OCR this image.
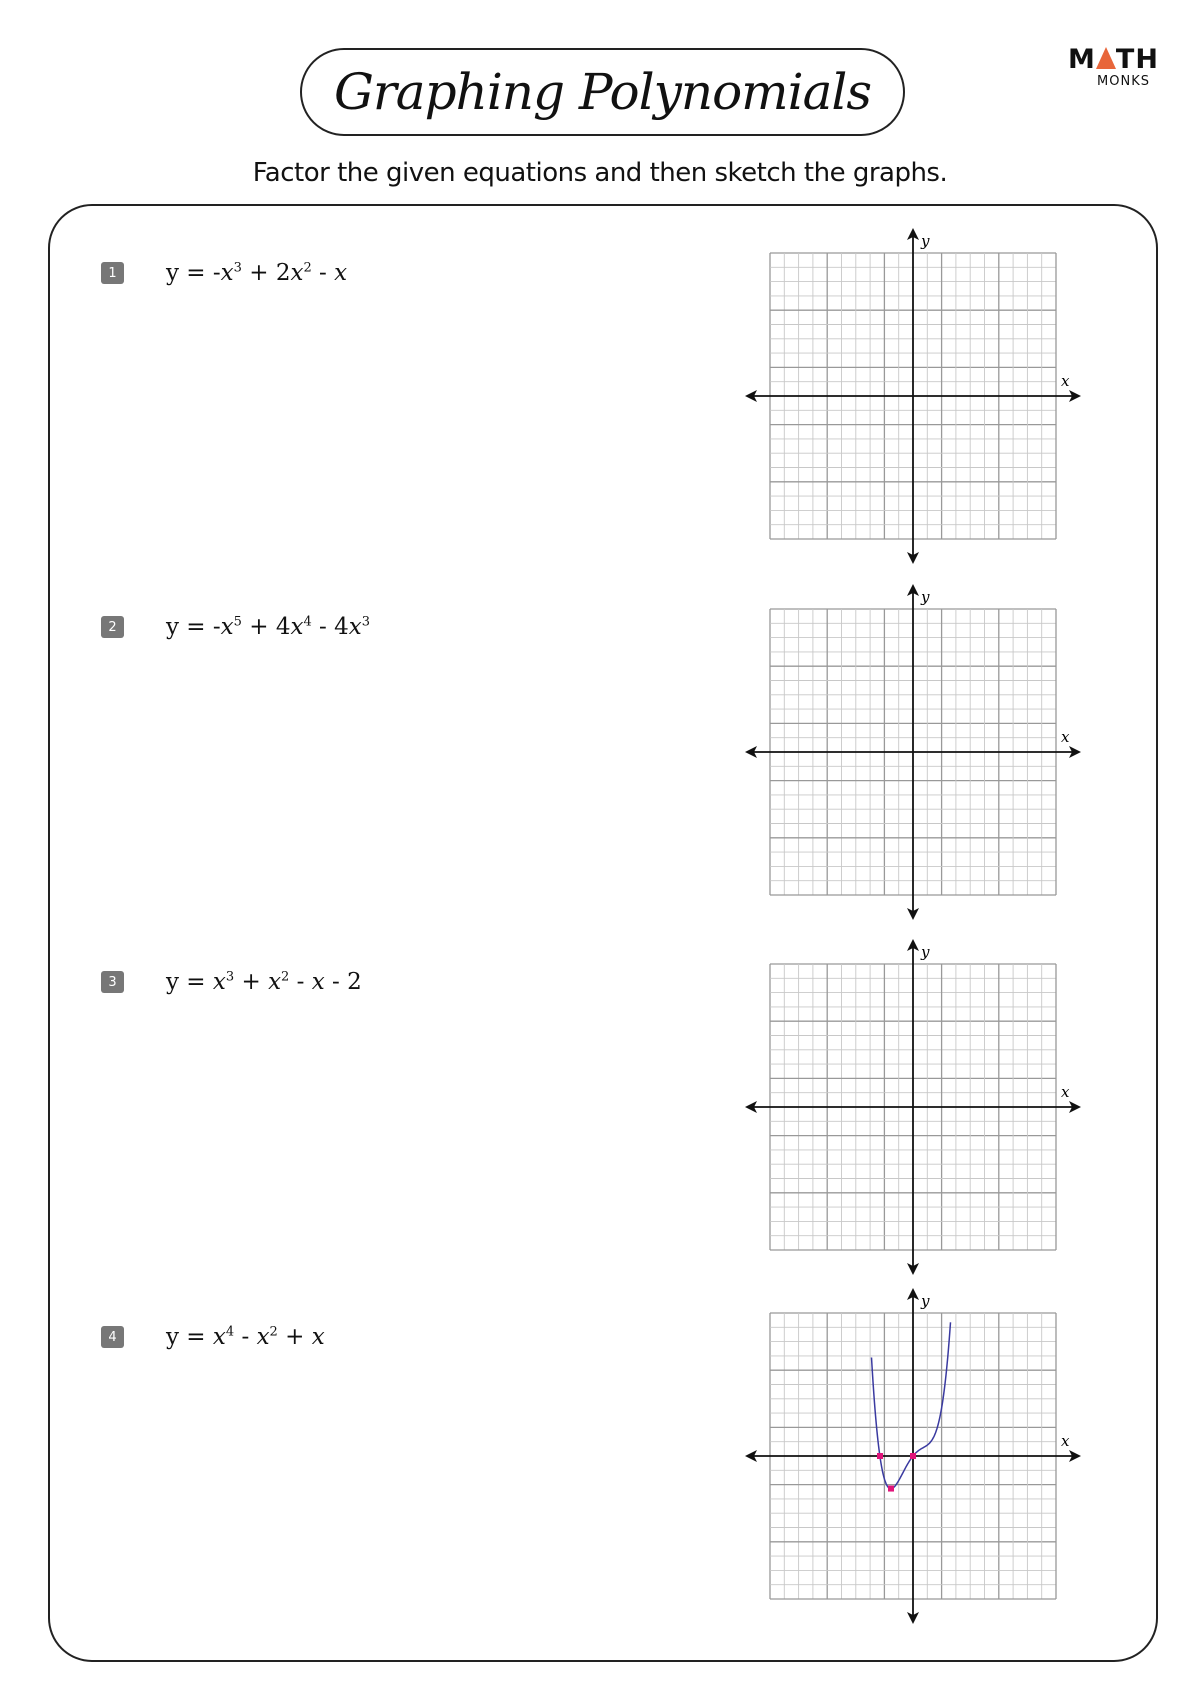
Graphing Polynomials
M TH
MONKS
Factor the given equations and then sketch the graphs.
1	$y = -x^3 + 2x^2 - x$
x
y
2	$y = -x^5 + 4x^4 - 4x^3$
x
y
3	$y = x^3 + x^2 - x - 2$
x
y
4	$y = x^4 - x^2 + x$
x
y
